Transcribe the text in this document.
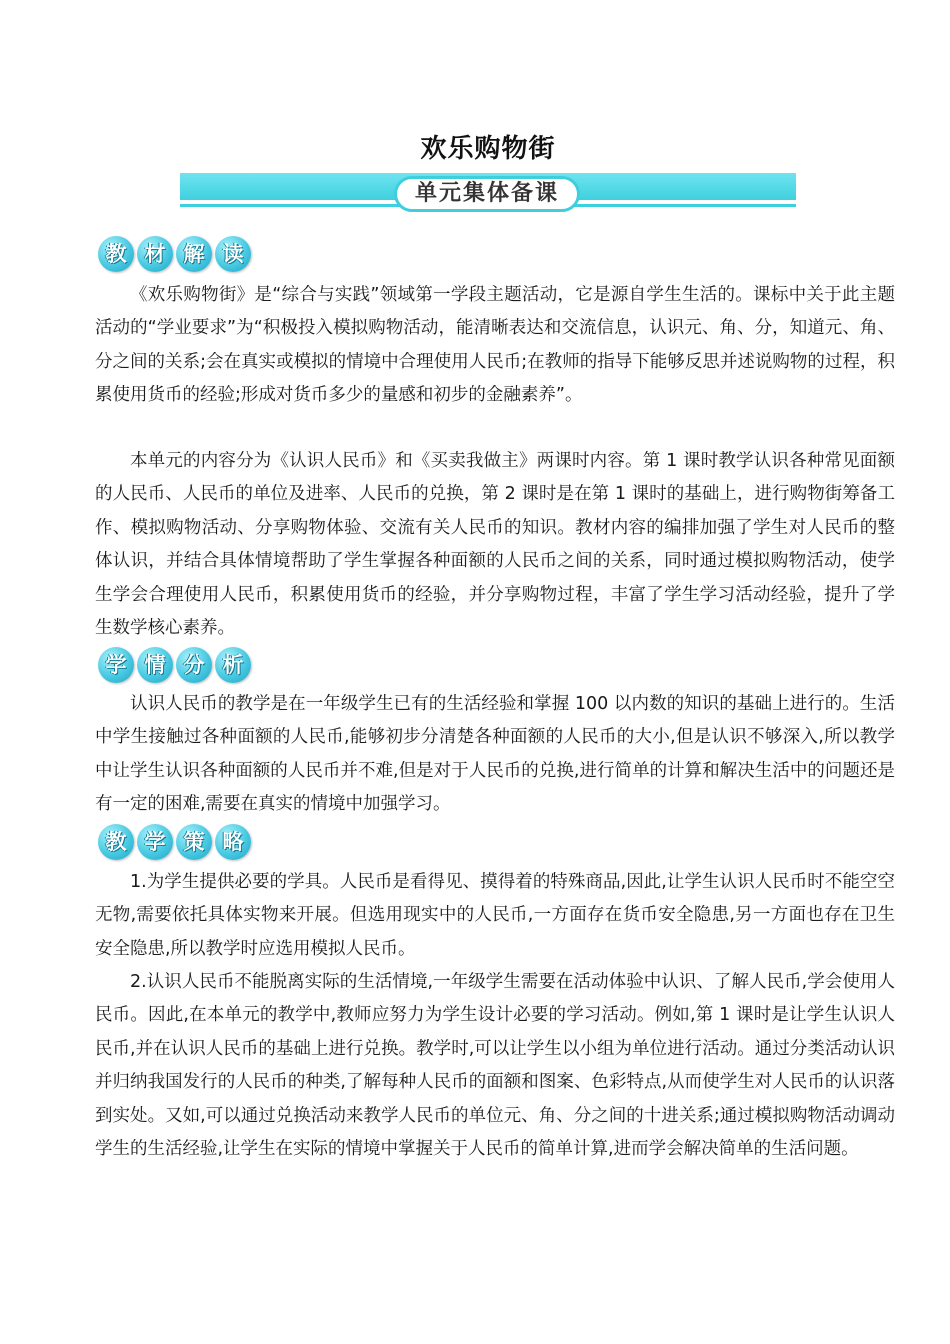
欢乐购物街
单元集体备课
教 材 解 读

《欢乐购物街》是“综合与实践”领域第一学段主题活动，它是源自学生生活的。课标中关于此主题活动的“学业要求”为“积极投入模拟购物活动，能清晰表达和交流信息，认识元、角、分，知道元、角、分之间的关系;会在真实或模拟的情境中合理使用人民币;在教师的指导下能够反思并述说购物的过程，积累使用货币的经验;形成对货币多少的量感和初步的金融素养”。

本单元的内容分为《认识人民币》和《买卖我做主》两课时内容。第 1 课时教学认识各种常见面额的人民币、人民币的单位及进率、人民币的兑换，第 2 课时是在第 1 课时的基础上，进行购物街筹备工作、模拟购物活动、分享购物体验、交流有关人民币的知识。教材内容的编排加强了学生对人民币的整体认识，并结合具体情境帮助了学生掌握各种面额的人民币之间的关系，同时通过模拟购物活动，使学生学会合理使用人民币，积累使用货币的经验，并分享购物过程，丰富了学生学习活动经验，提升了学生数学核心素养。

学 情 分 析

认识人民币的教学是在一年级学生已有的生活经验和掌握 100 以内数的知识的基础上进行的。生活中学生接触过各种面额的人民币,能够初步分清楚各种面额的人民币的大小,但是认识不够深入,所以教学中让学生认识各种面额的人民币并不难,但是对于人民币的兑换,进行简单的计算和解决生活中的问题还是有一定的困难,需要在真实的情境中加强学习。

教 学 策 略

1.为学生提供必要的学具。人民币是看得见、摸得着的特殊商品,因此,让学生认识人民币时不能空空无物,需要依托具体实物来开展。但选用现实中的人民币,一方面存在货币安全隐患,另一方面也存在卫生安全隐患,所以教学时应选用模拟人民币。

2.认识人民币不能脱离实际的生活情境,一年级学生需要在活动体验中认识、了解人民币,学会使用人民币。因此,在本单元的教学中,教师应努力为学生设计必要的学习活动。例如,第 1 课时是让学生认识人民币,并在认识人民币的基础上进行兑换。教学时,可以让学生以小组为单位进行活动。通过分类活动认识并归纳我国发行的人民币的种类,了解每种人民币的面额和图案、色彩特点,从而使学生对人民币的认识落到实处。又如,可以通过兑换活动来教学人民币的单位元、角、分之间的十进关系;通过模拟购物活动调动学生的生活经验,让学生在实际的情境中掌握关于人民币的简单计算,进而学会解决简单的生活问题。
